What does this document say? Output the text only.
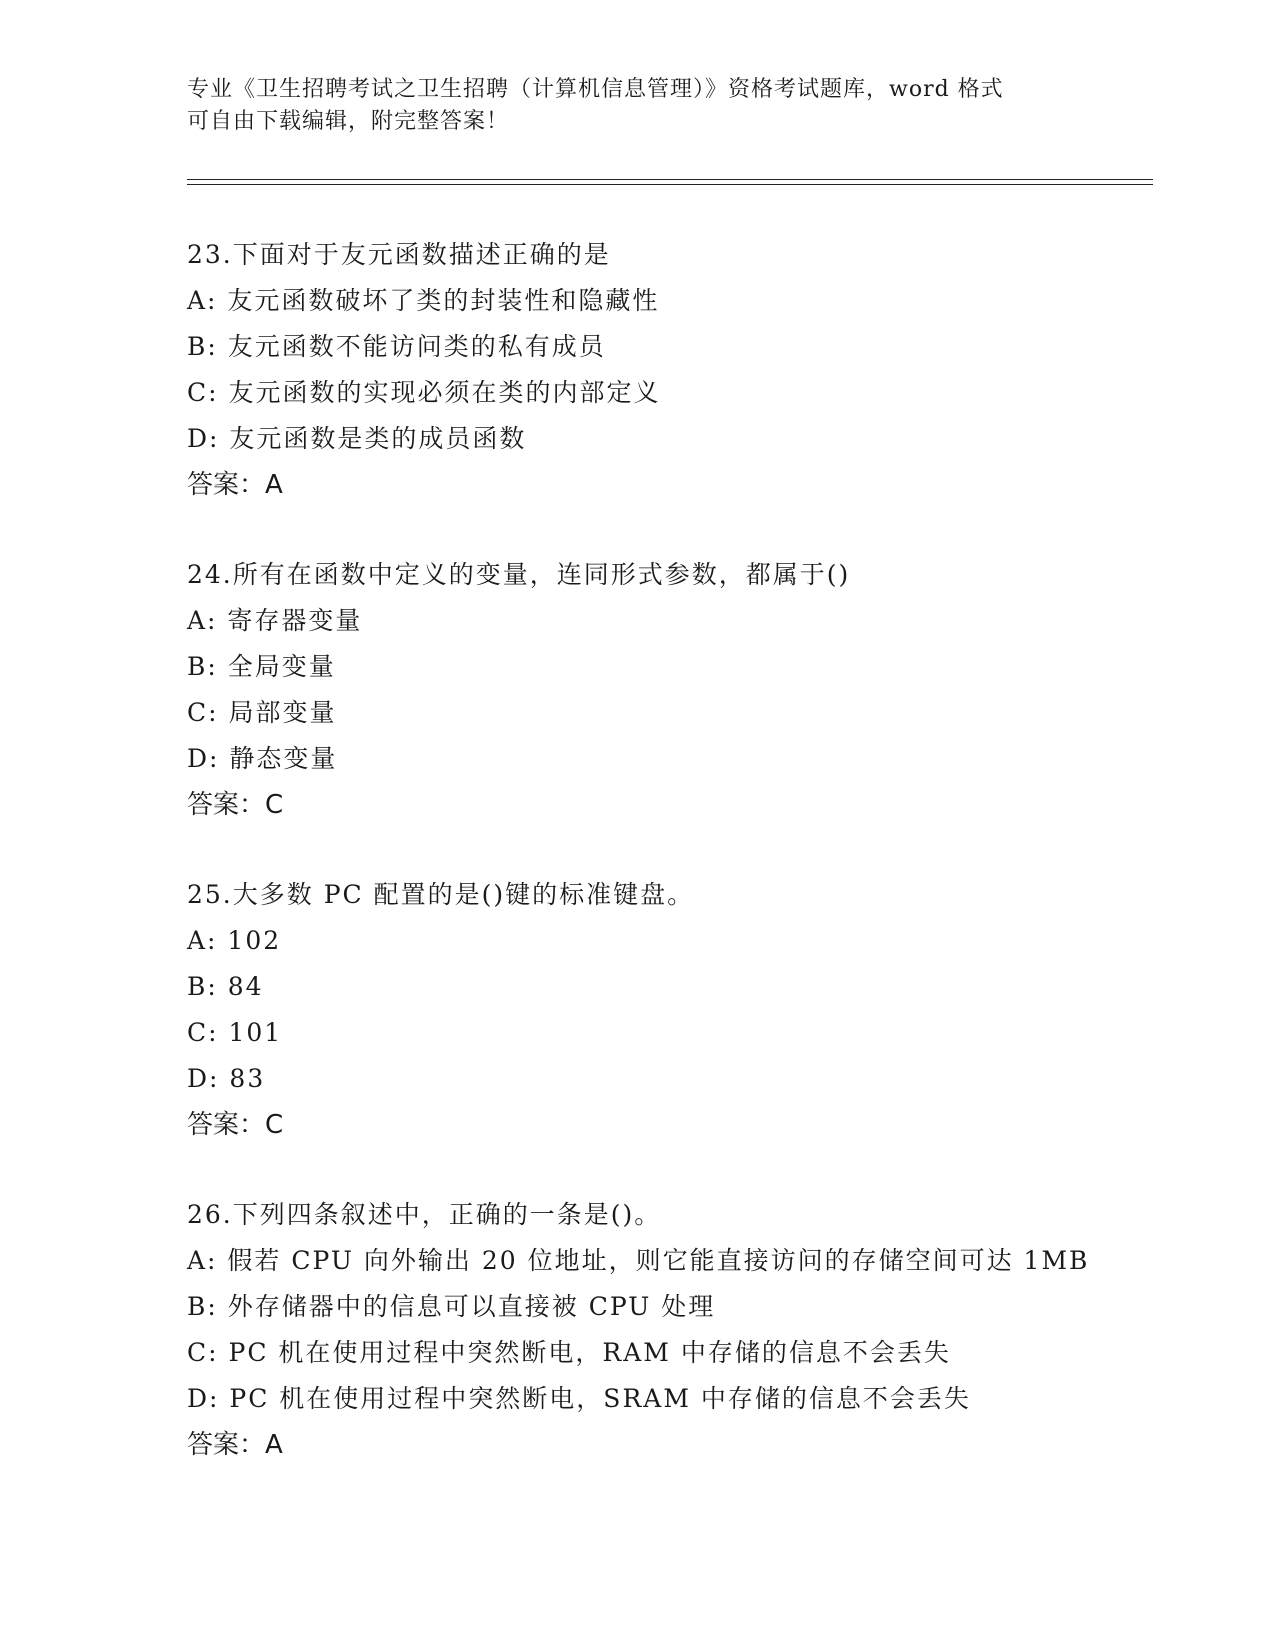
专业《卫生招聘考试之卫生招聘（计算机信息管理）》资格考试题库，word 格式
可自由下载编辑，附完整答案！
23.下面对于友元函数描述正确的是
A: 友元函数破坏了类的封装性和隐藏性
B: 友元函数不能访问类的私有成员
C: 友元函数的实现必须在类的内部定义
D: 友元函数是类的成员函数
答案：A
24.所有在函数中定义的变量，连同形式参数，都属于()
A: 寄存器变量
B: 全局变量
C: 局部变量
D: 静态变量
答案：C
25.大多数 PC 配置的是()键的标准键盘。
A: 102
B: 84
C: 101
D: 83
答案：C
26.下列四条叙述中，正确的一条是()。
A: 假若 CPU 向外输出 20 位地址，则它能直接访问的存储空间可达 1MB
B: 外存储器中的信息可以直接被 CPU 处理
C: PC 机在使用过程中突然断电，RAM 中存储的信息不会丢失
D: PC 机在使用过程中突然断电，SRAM 中存储的信息不会丢失
答案：A
